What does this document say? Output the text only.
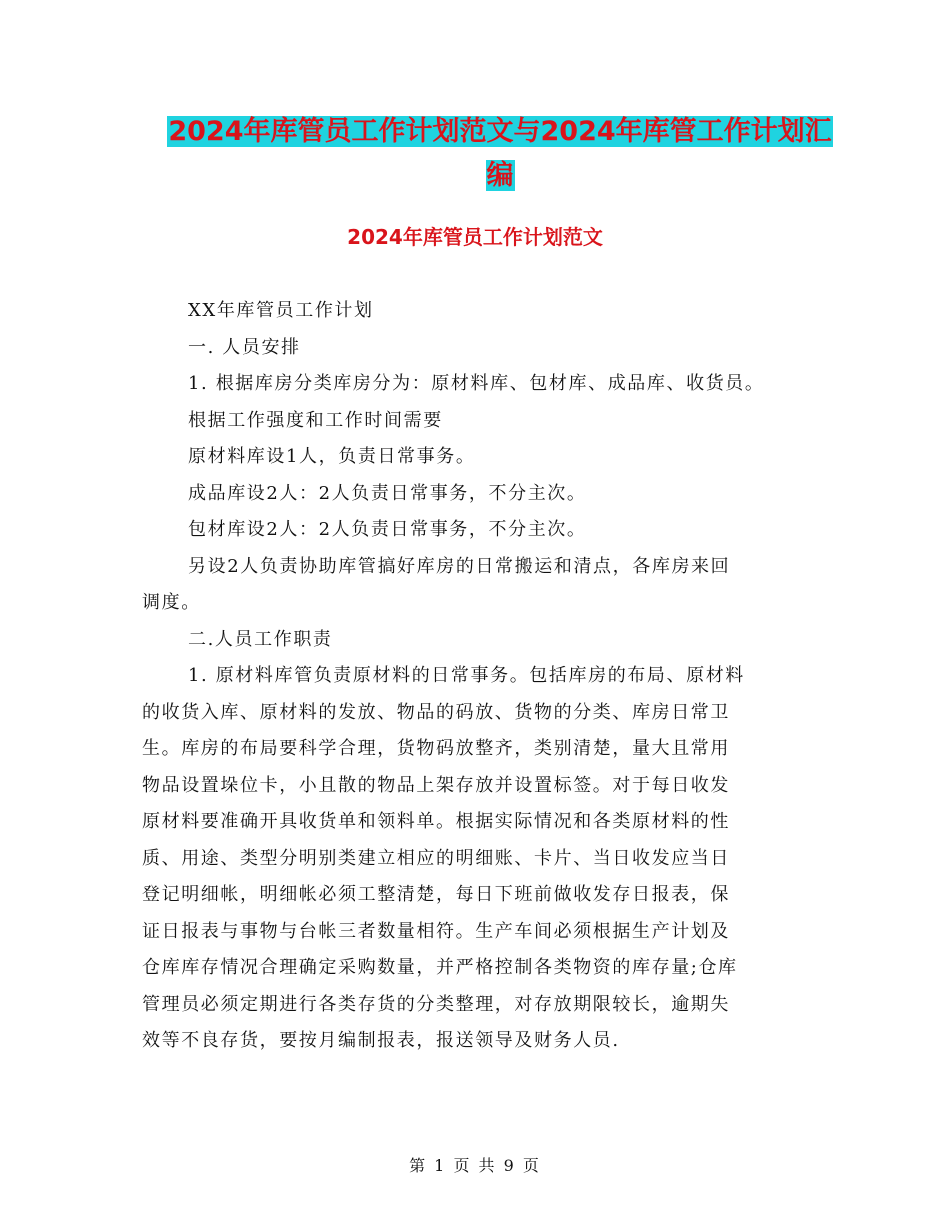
2024年库管员工作计划范文与2024年库管工作计划汇
编
2024年库管员工作计划范文

XX年库管员工作计划

一. 人员安排

1. 根据库房分类库房分为：原材料库、包材库、成品库、收货员。

根据工作强度和工作时间需要

原材料库设1人，负责日常事务。

成品库设2人：2人负责日常事务，不分主次。

包材库设2人：2人负责日常事务，不分主次。

另设2人负责协助库管搞好库房的日常搬运和清点，各库房来回

调度。

二.人员工作职责

1. 原材料库管负责原材料的日常事务。包括库房的布局、原材料

的收货入库、原材料的发放、物品的码放、货物的分类、库房日常卫

生。库房的布局要科学合理，货物码放整齐，类别清楚，量大且常用

物品设置垛位卡，小且散的物品上架存放并设置标签。对于每日收发

原材料要准确开具收货单和领料单。根据实际情况和各类原材料的性

质、用途、类型分明别类建立相应的明细账、卡片、当日收发应当日

登记明细帐，明细帐必须工整清楚，每日下班前做收发存日报表，保

证日报表与事物与台帐三者数量相符。生产车间必须根据生产计划及

仓库库存情况合理确定采购数量，并严格控制各类物资的库存量;仓库

管理员必须定期进行各类存货的分类整理，对存放期限较长，逾期失

效等不良存货，要按月编制报表，报送领导及财务人员.

第 1 页 共 9 页
